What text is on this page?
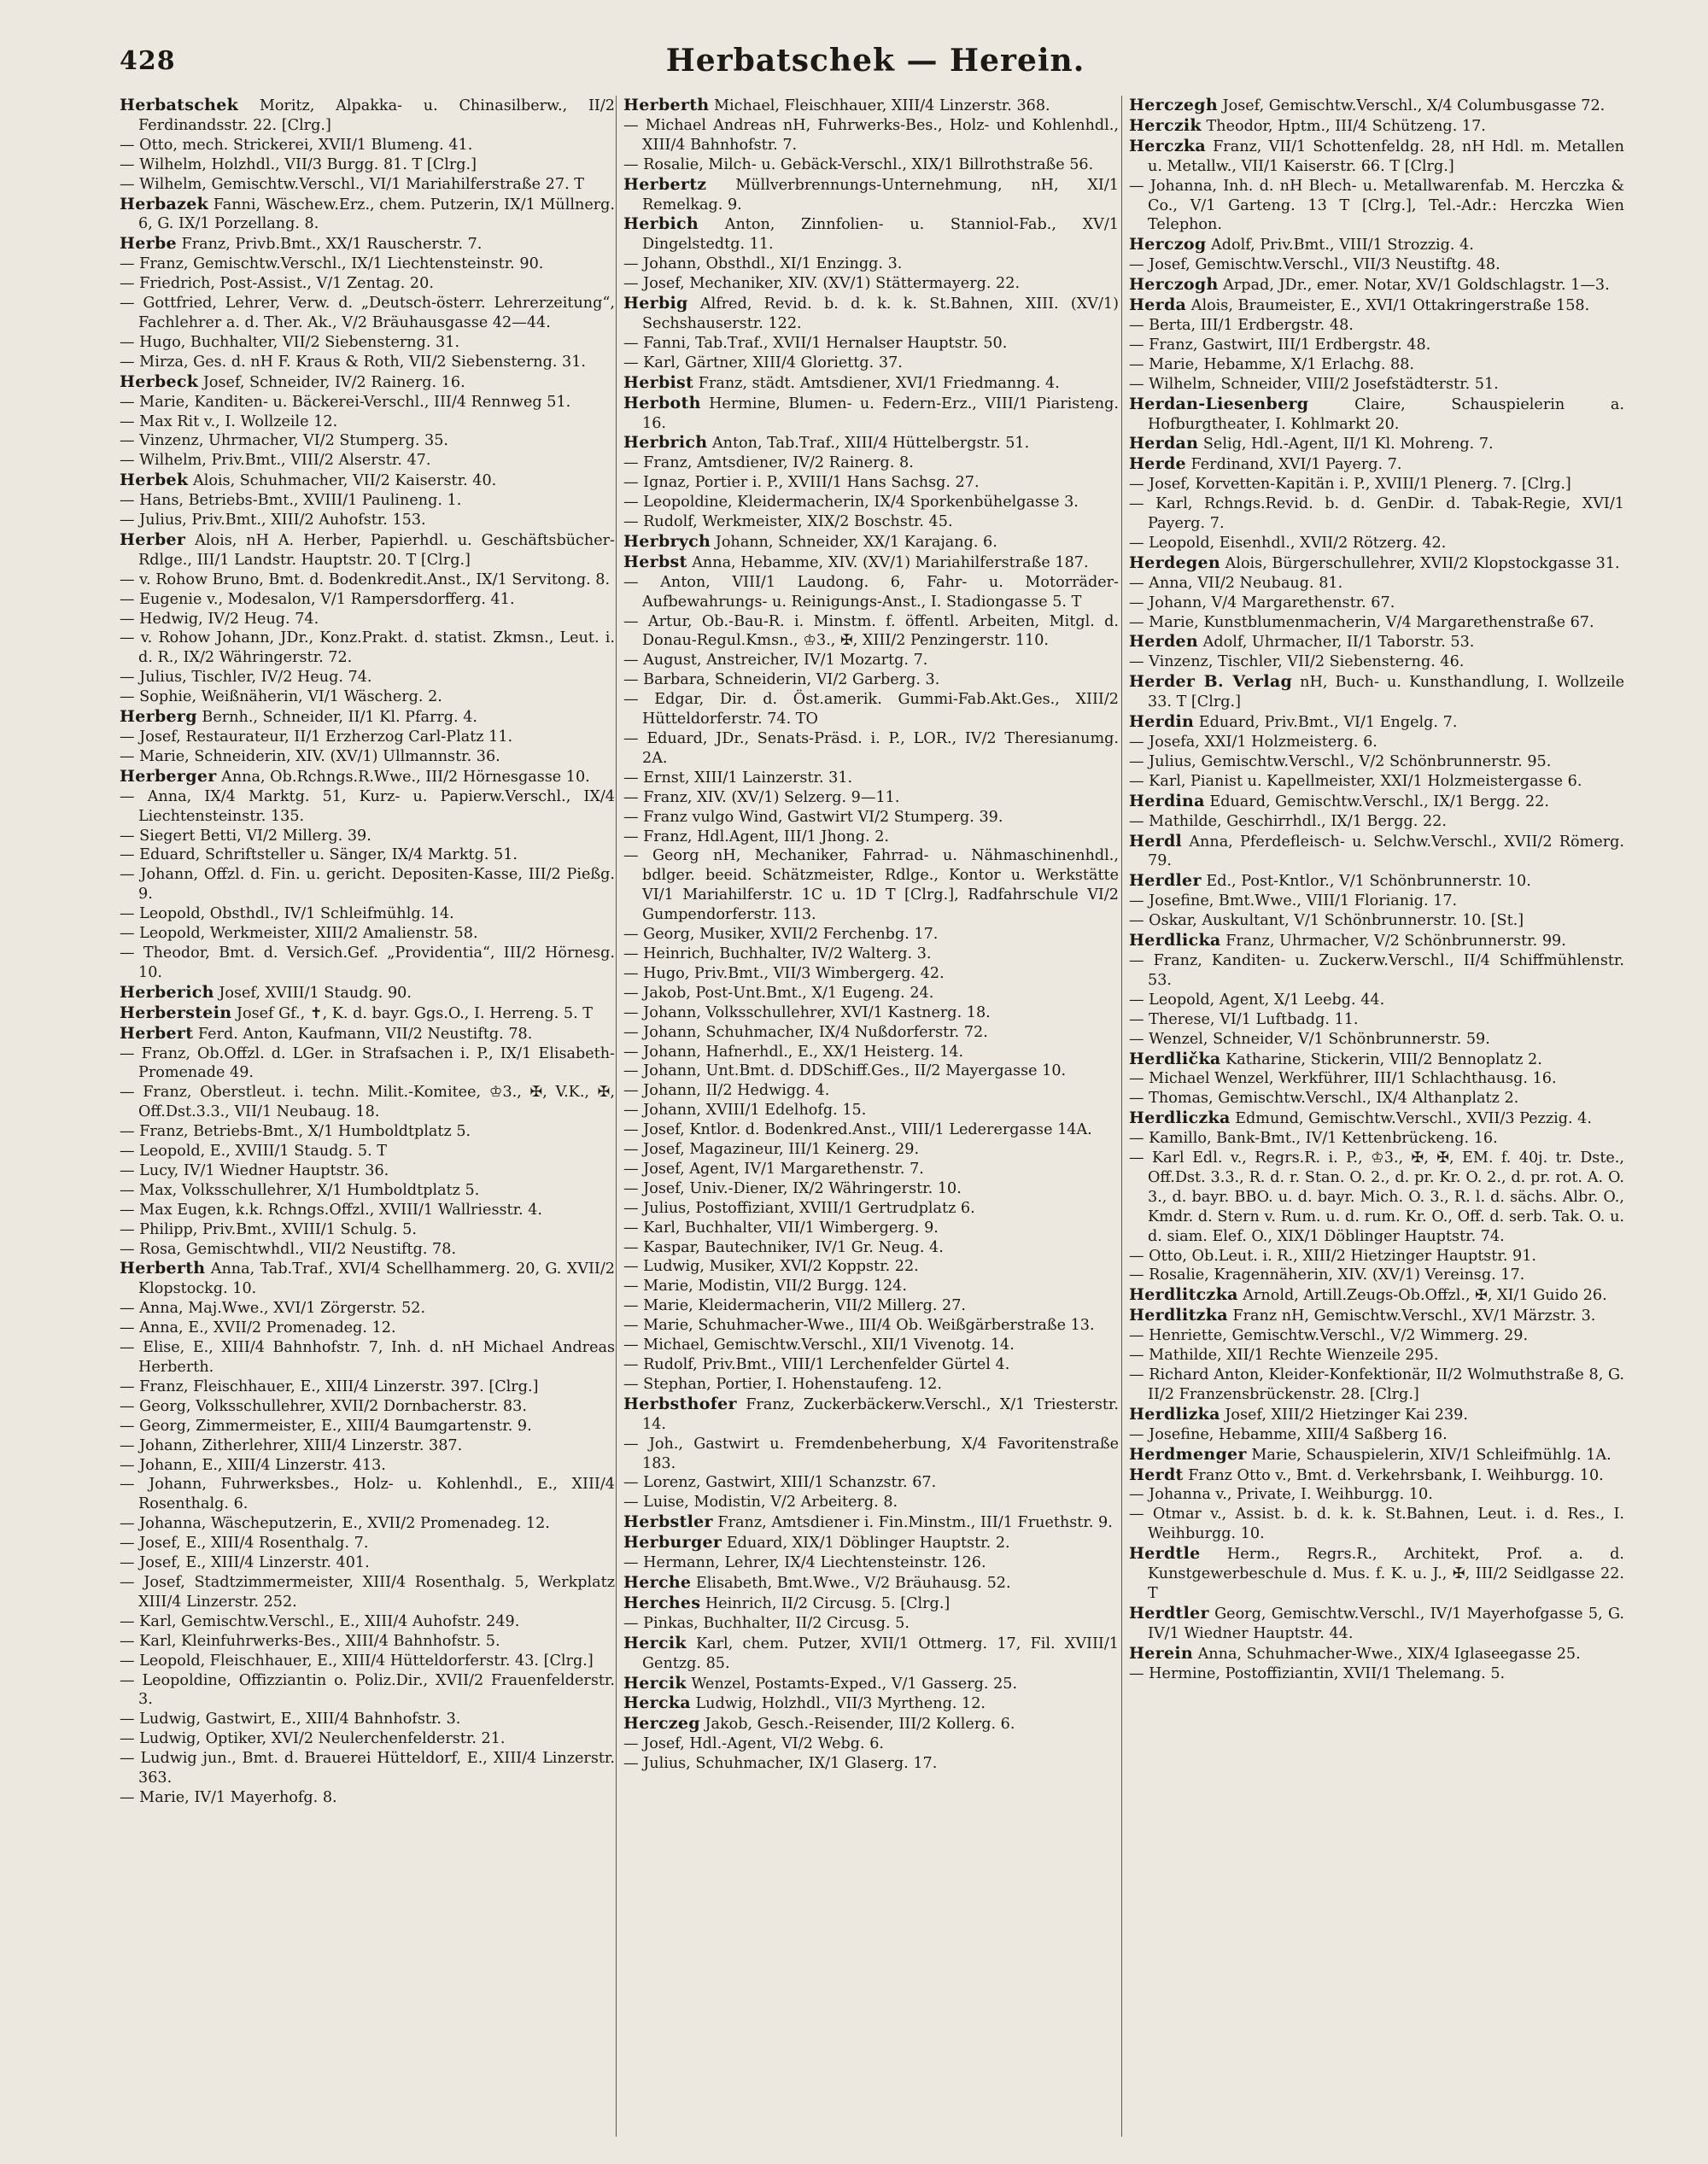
428	Herbatschek — Herein.
Herbatschek Moritz, Alpakka- u. Chinasilberw., II/2 Ferdinandsstr. 22. [Clrg.]
— Otto, mech. Strickerei, XVII/1 Blumeng. 41.
— Wilhelm, Holzhdl., VII/3 Burgg. 81. T [Clrg.]
— Wilhelm, Gemischtw.Verschl., VI/1 Mariahilferstraße 27. T
Herbazek Fanni, Wäschew.Erz., chem. Putzerin, IX/1 Müllnerg. 6, G. IX/1 Porzellang. 8.
Herbe Franz, Privb.Bmt., XX/1 Rauscherstr. 7.
— Franz, Gemischtw.Verschl., IX/1 Liechtensteinstr. 90.
— Friedrich, Post-Assist., V/1 Zentag. 20.
— Gottfried, Lehrer, Verw. d. „Deutsch-österr. Lehrerzeitung“, Fachlehrer a. d. Ther. Ak., V/2 Bräuhausgasse 42—44.
— Hugo, Buchhalter, VII/2 Siebensterng. 31.
— Mirza, Ges. d. nH F. Kraus & Roth, VII/2 Siebensterng. 31.
Herbeck Josef, Schneider, IV/2 Rainerg. 16.
— Marie, Kanditen- u. Bäckerei-Verschl., III/4 Rennweg 51.
— Max Rit v., I. Wollzeile 12.
— Vinzenz, Uhrmacher, VI/2 Stumperg. 35.
— Wilhelm, Priv.Bmt., VIII/2 Alserstr. 47.
Herbek Alois, Schuhmacher, VII/2 Kaiserstr. 40.
— Hans, Betriebs-Bmt., XVIII/1 Paulineng. 1.
— Julius, Priv.Bmt., XIII/2 Auhofstr. 153.
Herber Alois, nH A. Herber, Papierhdl. u. Geschäftsbücher-Rdlge., III/1 Landstr. Hauptstr. 20. T [Clrg.]
— v. Rohow Bruno, Bmt. d. Bodenkredit.Anst., IX/1 Servitong. 8.
— Eugenie v., Modesalon, V/1 Rampersdorfferg. 41.
— Hedwig, IV/2 Heug. 74.
— v. Rohow Johann, JDr., Konz.Prakt. d. statist. Zkmsn., Leut. i. d. R., IX/2 Währingerstr. 72.
— Julius, Tischler, IV/2 Heug. 74.
— Sophie, Weißnäherin, VI/1 Wäscherg. 2.
Herberg Bernh., Schneider, II/1 Kl. Pfarrg. 4.
— Josef, Restaurateur, II/1 Erzherzog Carl-Platz 11.
— Marie, Schneiderin, XIV. (XV/1) Ullmannstr. 36.
Herberger Anna, Ob.Rchngs.R.Wwe., III/2 Hörnesgasse 10.
— Anna, IX/4 Marktg. 51, Kurz- u. Papierw.Verschl., IX/4 Liechtensteinstr. 135.
— Siegert Betti, VI/2 Millerg. 39.
— Eduard, Schriftsteller u. Sänger, IX/4 Marktg. 51.
— Johann, Offzl. d. Fin. u. gericht. Depositen-Kasse, III/2 Pießg. 9.
— Leopold, Obsthdl., IV/1 Schleifmühlg. 14.
— Leopold, Werkmeister, XIII/2 Amalienstr. 58.
— Theodor, Bmt. d. Versich.Gef. „Providentia“, III/2 Hörnesg. 10.
Herberich Josef, XVIII/1 Staudg. 90.
Herberstein Josef Gf., ✝, K. d. bayr. Ggs.O., I. Herreng. 5. T
Herbert Ferd. Anton, Kaufmann, VII/2 Neustiftg. 78.
— Franz, Ob.Offzl. d. LGer. in Strafsachen i. P., IX/1 Elisabeth-Promenade 49.
— Franz, Oberstleut. i. techn. Milit.-Komitee, ♔3., ✠, V.K., ✠, Off.Dst.3.3., VII/1 Neubaug. 18.
— Franz, Betriebs-Bmt., X/1 Humboldtplatz 5.
— Leopold, E., XVIII/1 Staudg. 5. T
— Lucy, IV/1 Wiedner Hauptstr. 36.
— Max, Volksschullehrer, X/1 Humboldtplatz 5.
— Max Eugen, k.k. Rchngs.Offzl., XVIII/1 Wallriesstr. 4.
— Philipp, Priv.Bmt., XVIII/1 Schulg. 5.
— Rosa, Gemischtwhdl., VII/2 Neustiftg. 78.
Herberth Anna, Tab.Traf., XVI/4 Schellhammerg. 20, G. XVII/2 Klopstockg. 10.
— Anna, Maj.Wwe., XVI/1 Zörgerstr. 52.
— Anna, E., XVII/2 Promenadeg. 12.
— Elise, E., XIII/4 Bahnhofstr. 7, Inh. d. nH Michael Andreas Herberth.
— Franz, Fleischhauer, E., XIII/4 Linzerstr. 397. [Clrg.]
— Georg, Volksschullehrer, XVII/2 Dornbacherstr. 83.
— Georg, Zimmermeister, E., XIII/4 Baumgartenstr. 9.
— Johann, Zitherlehrer, XIII/4 Linzerstr. 387.
— Johann, E., XIII/4 Linzerstr. 413.
— Johann, Fuhrwerksbes., Holz- u. Kohlenhdl., E., XIII/4 Rosenthalg. 6.
— Johanna, Wäscheputzerin, E., XVII/2 Promenadeg. 12.
— Josef, E., XIII/4 Rosenthalg. 7.
— Josef, E., XIII/4 Linzerstr. 401.
— Josef, Stadtzimmermeister, XIII/4 Rosenthalg. 5, Werkplatz XIII/4 Linzerstr. 252.
— Karl, Gemischtw.Verschl., E., XIII/4 Auhofstr. 249.
— Karl, Kleinfuhrwerks-Bes., XIII/4 Bahnhofstr. 5.
— Leopold, Fleischhauer, E., XIII/4 Hütteldorferstr. 43. [Clrg.]
— Leopoldine, Offizziantin o. Poliz.Dir., XVII/2 Frauenfelderstr. 3.
— Ludwig, Gastwirt, E., XIII/4 Bahnhofstr. 3.
— Ludwig, Optiker, XVI/2 Neulerchenfelderstr. 21.
— Ludwig jun., Bmt. d. Brauerei Hütteldorf, E., XIII/4 Linzerstr. 363.
— Marie, IV/1 Mayerhofg. 8.
Herberth Michael, Fleischhauer, XIII/4 Linzerstr. 368.
— Michael Andreas nH, Fuhrwerks-Bes., Holz- und Kohlenhdl., XIII/4 Bahnhofstr. 7.
— Rosalie, Milch- u. Gebäck-Verschl., XIX/1 Billrothstraße 56.
Herbertz Müllverbrennungs-Unternehmung, nH, XI/1 Remelkag. 9.
Herbich Anton, Zinnfolien- u. Stanniol-Fab., XV/1 Dingelstedtg. 11.
— Johann, Obsthdl., XI/1 Enzingg. 3.
— Josef, Mechaniker, XIV. (XV/1) Stättermayerg. 22.
Herbig Alfred, Revid. b. d. k. k. St.Bahnen, XIII. (XV/1) Sechshauserstr. 122.
— Fanni, Tab.Traf., XVII/1 Hernalser Hauptstr. 50.
— Karl, Gärtner, XIII/4 Gloriettg. 37.
Herbist Franz, städt. Amtsdiener, XVI/1 Friedmanng. 4.
Herboth Hermine, Blumen- u. Federn-Erz., VIII/1 Piaristeng. 16.
Herbrich Anton, Tab.Traf., XIII/4 Hüttelbergstr. 51.
— Franz, Amtsdiener, IV/2 Rainerg. 8.
— Ignaz, Portier i. P., XVIII/1 Hans Sachsg. 27.
— Leopoldine, Kleidermacherin, IX/4 Sporkenbühelgasse 3.
— Rudolf, Werkmeister, XIX/2 Boschstr. 45.
Herbrych Johann, Schneider, XX/1 Karajang. 6.
Herbst Anna, Hebamme, XIV. (XV/1) Mariahilferstraße 187.
— Anton, VIII/1 Laudong. 6, Fahr- u. Motorräder-Aufbewahrungs- u. Reinigungs-Anst., I. Stadiongasse 5. T
— Artur, Ob.-Bau-R. i. Minstm. f. öffentl. Arbeiten, Mitgl. d. Donau-Regul.Kmsn., ♔3., ✠, XIII/2 Penzingerstr. 110.
— August, Anstreicher, IV/1 Mozartg. 7.
— Barbara, Schneiderin, VI/2 Garberg. 3.
— Edgar, Dir. d. Öst.amerik. Gummi-Fab.Akt.Ges., XIII/2 Hütteldorferstr. 74. TO
— Eduard, JDr., Senats-Präsd. i. P., LOR., IV/2 Theresianumg. 2A.
— Ernst, XIII/1 Lainzerstr. 31.
— Franz, XIV. (XV/1) Selzerg. 9—11.
— Franz vulgo Wind, Gastwirt VI/2 Stumperg. 39.
— Franz, Hdl.Agent, III/1 Jhong. 2.
— Georg nH, Mechaniker, Fahrrad- u. Nähmaschinenhdl., bdlger. beeid. Schätzmeister, Rdlge., Kontor u. Werkstätte VI/1 Mariahilferstr. 1C u. 1D T [Clrg.], Radfahrschule VI/2 Gumpendorferstr. 113.
— Georg, Musiker, XVII/2 Ferchenbg. 17.
— Heinrich, Buchhalter, IV/2 Walterg. 3.
— Hugo, Priv.Bmt., VII/3 Wimbergerg. 42.
— Jakob, Post-Unt.Bmt., X/1 Eugeng. 24.
— Johann, Volksschullehrer, XVI/1 Kastnerg. 18.
— Johann, Schuhmacher, IX/4 Nußdorferstr. 72.
— Johann, Hafnerhdl., E., XX/1 Heisterg. 14.
— Johann, Unt.Bmt. d. DDSchiff.Ges., II/2 Mayergasse 10.
— Johann, II/2 Hedwigg. 4.
— Johann, XVIII/1 Edelhofg. 15.
— Josef, Kntlor. d. Bodenkred.Anst., VIII/1 Lederergasse 14A.
— Josef, Magazineur, III/1 Keinerg. 29.
— Josef, Agent, IV/1 Margarethenstr. 7.
— Josef, Univ.-Diener, IX/2 Währingerstr. 10.
— Julius, Postoffiziant, XVIII/1 Gertrudplatz 6.
— Karl, Buchhalter, VII/1 Wimbergerg. 9.
— Kaspar, Bautechniker, IV/1 Gr. Neug. 4.
— Ludwig, Musiker, XVI/2 Koppstr. 22.
— Marie, Modistin, VII/2 Burgg. 124.
— Marie, Kleidermacherin, VII/2 Millerg. 27.
— Marie, Schuhmacher-Wwe., III/4 Ob. Weißgärberstraße 13.
— Michael, Gemischtw.Verschl., XII/1 Vivenotg. 14.
— Rudolf, Priv.Bmt., VIII/1 Lerchenfelder Gürtel 4.
— Stephan, Portier, I. Hohenstaufeng. 12.
Herbsthofer Franz, Zuckerbäckerw.Verschl., X/1 Triesterstr. 14.
— Joh., Gastwirt u. Fremdenbeherbung, X/4 Favoritenstraße 183.
— Lorenz, Gastwirt, XIII/1 Schanzstr. 67.
— Luise, Modistin, V/2 Arbeiterg. 8.
Herbstler Franz, Amtsdiener i. Fin.Minstm., III/1 Fruethstr. 9.
Herburger Eduard, XIX/1 Döblinger Hauptstr. 2.
— Hermann, Lehrer, IX/4 Liechtensteinstr. 126.
Herche Elisabeth, Bmt.Wwe., V/2 Bräuhausg. 52.
Herches Heinrich, II/2 Circusg. 5. [Clrg.]
— Pinkas, Buchhalter, II/2 Circusg. 5.
Hercik Karl, chem. Putzer, XVII/1 Ottmerg. 17, Fil. XVIII/1 Gentzg. 85.
Hercik Wenzel, Postamts-Exped., V/1 Gasserg. 25.
Hercka Ludwig, Holzhdl., VII/3 Myrtheng. 12.
Herczeg Jakob, Gesch.-Reisender, III/2 Kollerg. 6.
— Josef, Hdl.-Agent, VI/2 Webg. 6.
— Julius, Schuhmacher, IX/1 Glaserg. 17.
Herczegh Josef, Gemischtw.Verschl., X/4 Columbusgasse 72.
Herczik Theodor, Hptm., III/4 Schützeng. 17.
Herczka Franz, VII/1 Schottenfeldg. 28, nH Hdl. m. Metallen u. Metallw., VII/1 Kaiserstr. 66. T [Clrg.]
— Johanna, Inh. d. nH Blech- u. Metallwarenfab. M. Herczka & Co., V/1 Garteng. 13 T [Clrg.], Tel.-Adr.: Herczka Wien Telephon.
Herczog Adolf, Priv.Bmt., VIII/1 Strozzig. 4.
— Josef, Gemischtw.Verschl., VII/3 Neustiftg. 48.
Herczogh Arpad, JDr., emer. Notar, XV/1 Goldschlagstr. 1—3.
Herda Alois, Braumeister, E., XVI/1 Ottakringerstraße 158.
— Berta, III/1 Erdbergstr. 48.
— Franz, Gastwirt, III/1 Erdbergstr. 48.
— Marie, Hebamme, X/1 Erlachg. 88.
— Wilhelm, Schneider, VIII/2 Josefstädterstr. 51.
Herdan-Liesenberg Claire, Schauspielerin a. Hofburgtheater, I. Kohlmarkt 20.
Herdan Selig, Hdl.-Agent, II/1 Kl. Mohreng. 7.
Herde Ferdinand, XVI/1 Payerg. 7.
— Josef, Korvetten-Kapitän i. P., XVIII/1 Plenerg. 7. [Clrg.]
— Karl, Rchngs.Revid. b. d. GenDir. d. Tabak-Regie, XVI/1 Payerg. 7.
— Leopold, Eisenhdl., XVII/2 Rötzerg. 42.
Herdegen Alois, Bürgerschullehrer, XVII/2 Klopstockgasse 31.
— Anna, VII/2 Neubaug. 81.
— Johann, V/4 Margarethenstr. 67.
— Marie, Kunstblumenmacherin, V/4 Margarethenstraße 67.
Herden Adolf, Uhrmacher, II/1 Taborstr. 53.
— Vinzenz, Tischler, VII/2 Siebensterng. 46.
Herder B. Verlag nH, Buch- u. Kunsthandlung, I. Wollzeile 33. T [Clrg.]
Herdin Eduard, Priv.Bmt., VI/1 Engelg. 7.
— Josefa, XXI/1 Holzmeisterg. 6.
— Julius, Gemischtw.Verschl., V/2 Schönbrunnerstr. 95.
— Karl, Pianist u. Kapellmeister, XXI/1 Holzmeistergasse 6.
Herdina Eduard, Gemischtw.Verschl., IX/1 Bergg. 22.
— Mathilde, Geschirrhdl., IX/1 Bergg. 22.
Herdl Anna, Pferdefleisch- u. Selchw.Verschl., XVII/2 Römerg. 79.
Herdler Ed., Post-Kntlor., V/1 Schönbrunnerstr. 10.
— Josefine, Bmt.Wwe., VIII/1 Florianig. 17.
— Oskar, Auskultant, V/1 Schönbrunnerstr. 10. [St.]
Herdlicka Franz, Uhrmacher, V/2 Schönbrunnerstr. 99.
— Franz, Kanditen- u. Zuckerw.Verschl., II/4 Schiffmühlenstr. 53.
— Leopold, Agent, X/1 Leebg. 44.
— Therese, VI/1 Luftbadg. 11.
— Wenzel, Schneider, V/1 Schönbrunnerstr. 59.
Herdlička Katharine, Stickerin, VIII/2 Bennoplatz 2.
— Michael Wenzel, Werkführer, III/1 Schlachthausg. 16.
— Thomas, Gemischtw.Verschl., IX/4 Althanplatz 2.
Herdliczka Edmund, Gemischtw.Verschl., XVII/3 Pezzig. 4.
— Kamillo, Bank-Bmt., IV/1 Kettenbrückeng. 16.
— Karl Edl. v., Regrs.R. i. P., ♔3., ✠, ✠, EM. f. 40j. tr. Dste., Off.Dst. 3.3., R. d. r. Stan. O. 2., d. pr. Kr. O. 2., d. pr. rot. A. O. 3., d. bayr. BBO. u. d. bayr. Mich. O. 3., R. l. d. sächs. Albr. O., Kmdr. d. Stern v. Rum. u. d. rum. Kr. O., Off. d. serb. Tak. O. u. d. siam. Elef. O., XIX/1 Döblinger Hauptstr. 74.
— Otto, Ob.Leut. i. R., XIII/2 Hietzinger Hauptstr. 91.
— Rosalie, Kragennäherin, XIV. (XV/1) Vereinsg. 17.
Herdlitczka Arnold, Artill.Zeugs-Ob.Offzl., ✠, XI/1 Guido 26.
Herdlitzka Franz nH, Gemischtw.Verschl., XV/1 Märzstr. 3.
— Henriette, Gemischtw.Verschl., V/2 Wimmerg. 29.
— Mathilde, XII/1 Rechte Wienzeile 295.
— Richard Anton, Kleider-Konfektionär, II/2 Wolmuthstraße 8, G. II/2 Franzensbrückenstr. 28. [Clrg.]
Herdlizka Josef, XIII/2 Hietzinger Kai 239.
— Josefine, Hebamme, XIII/4 Saßberg 16.
Herdmenger Marie, Schauspielerin, XIV/1 Schleifmühlg. 1A.
Herdt Franz Otto v., Bmt. d. Verkehrsbank, I. Weihburgg. 10.
— Johanna v., Private, I. Weihburgg. 10.
— Otmar v., Assist. b. d. k. k. St.Bahnen, Leut. i. d. Res., I. Weihburgg. 10.
Herdtle Herm., Regrs.R., Architekt, Prof. a. d. Kunstgewerbeschule d. Mus. f. K. u. J., ✠, III/2 Seidlgasse 22. T
Herdtler Georg, Gemischtw.Verschl., IV/1 Mayerhofgasse 5, G. IV/1 Wiedner Hauptstr. 44.
Herein Anna, Schuhmacher-Wwe., XIX/4 Iglaseegasse 25.
— Hermine, Postoffiziantin, XVII/1 Thelemang. 5.
